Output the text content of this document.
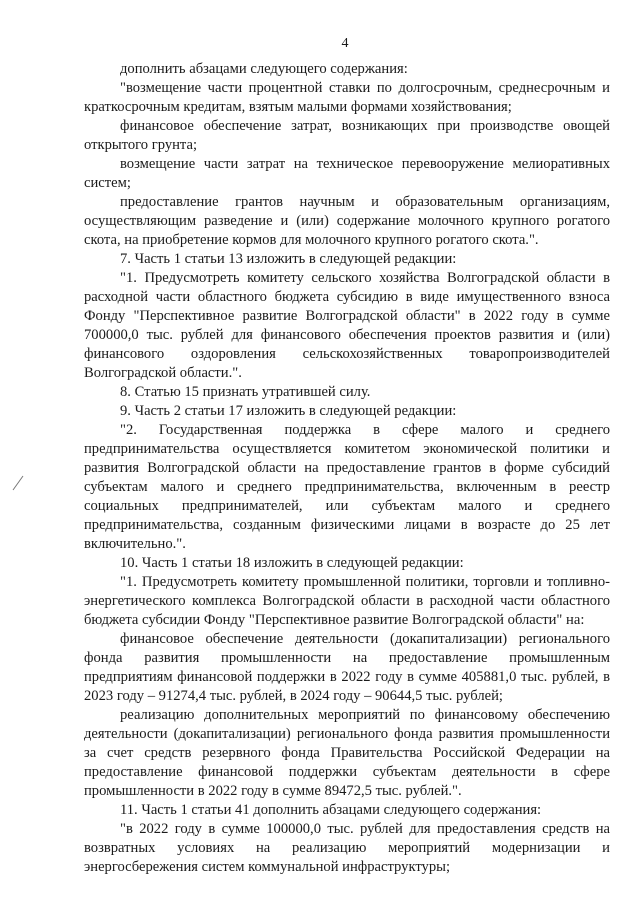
4

дополнить абзацами следующего содержания:

"возмещение части процентной ставки по долгосрочным, среднесрочным и краткосрочным кредитам, взятым малыми формами хозяйствования;

финансовое обеспечение затрат, возникающих при производстве овощей открытого грунта;

возмещение части затрат на техническое перевооружение мелиоративных систем;

предоставление грантов научным и образовательным организациям, осуществляющим разведение и (или) содержание молочного крупного рогатого скота, на приобретение кормов для молочного крупного рогатого скота.".

7. Часть 1 статьи 13 изложить в следующей редакции:

"1. Предусмотреть комитету сельского хозяйства Волгоградской области в расходной части областного бюджета субсидию в виде имущественного взноса Фонду "Перспективное развитие Волгоградской области" в 2022 году в сумме 700000,0 тыс. рублей для финансового обеспечения проектов развития и (или) финансового оздоровления сельскохозяйственных товаропроизводителей Волгоградской области.".

8. Статью 15 признать утратившей силу.

9. Часть 2 статьи 17 изложить в следующей редакции:

"2. Государственная поддержка в сфере малого и среднего предпринимательства осуществляется комитетом экономической политики и развития Волгоградской области на предоставление грантов в форме субсидий субъектам малого и среднего предпринимательства, включенным в реестр социальных предпринимателей, или субъектам малого и среднего предпринимательства, созданным физическими лицами в возрасте до 25 лет включительно.".

10. Часть 1 статьи 18 изложить в следующей редакции:

"1. Предусмотреть комитету промышленной политики, торговли и топливно-энергетического комплекса Волгоградской области в расходной части областного бюджета субсидии Фонду "Перспективное развитие Волгоградской области" на:

финансовое обеспечение деятельности (докапитализации) регионального фонда развития промышленности на предоставление промышленным предприятиям финансовой поддержки в 2022 году в сумме 405881,0 тыс. рублей, в 2023 году – 91274,4 тыс. рублей, в 2024 году – 90644,5 тыс. рублей;

реализацию дополнительных мероприятий по финансовому обеспечению деятельности (докапитализации) регионального фонда развития промышленности за счет средств резервного фонда Правительства Российской Федерации на предоставление финансовой поддержки субъектам деятельности в сфере промышленности в 2022 году в сумме 89472,5 тыс. рублей.".

11. Часть 1 статьи 41 дополнить абзацами следующего содержания:

"в 2022 году в сумме 100000,0 тыс. рублей для предоставления средств на возвратных условиях на реализацию мероприятий модернизации и энергосбережения систем коммунальной инфраструктуры;
